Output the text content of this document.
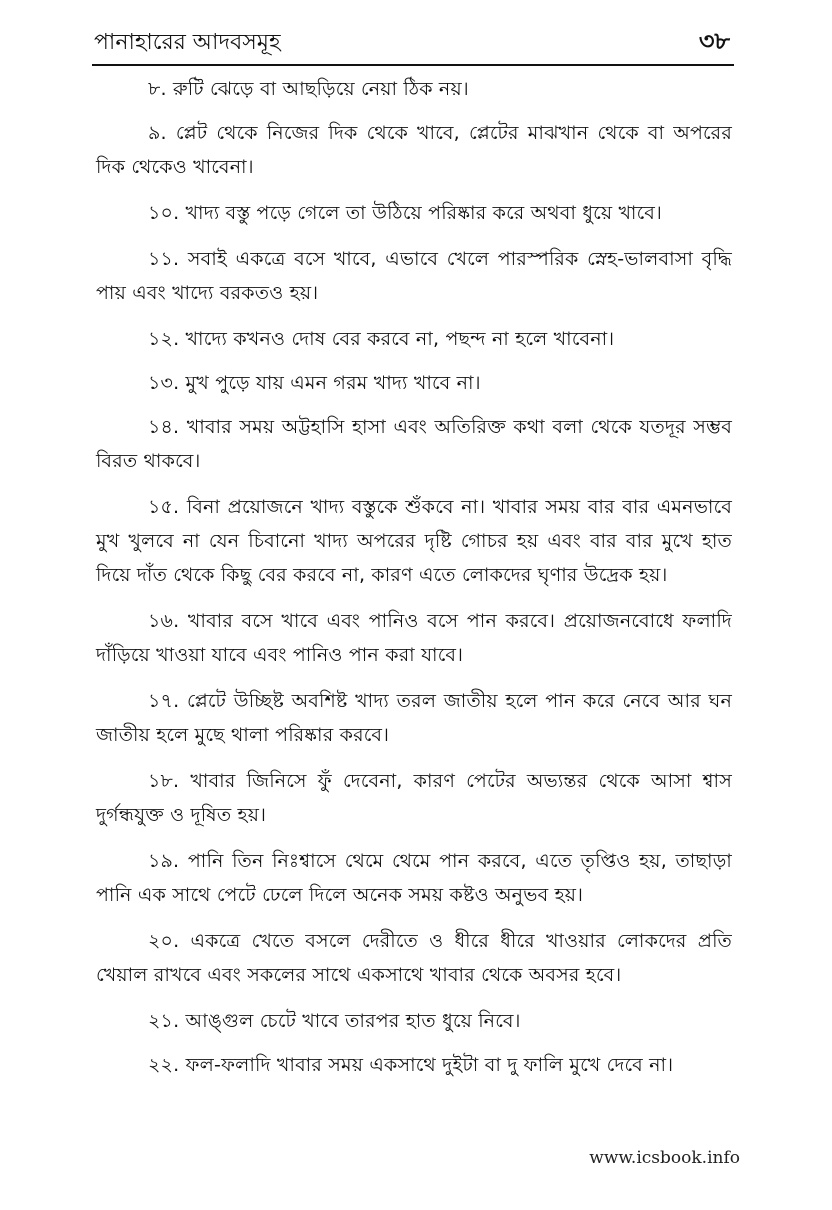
পানাহারের আদবসমূহ	৩৮

৮. রুটি ঝেড়ে বা আছড়িয়ে নেয়া ঠিক নয়।

৯. প্লেট থেকে নিজের দিক থেকে খাবে, প্লেটের মাঝখান থেকে বা অপরের দিক থেকেও খাবেনা।

১০. খাদ্য বস্তু পড়ে গেলে তা উঠিয়ে পরিষ্কার করে অথবা ধুয়ে খাবে।

১১. সবাই একত্রে বসে খাবে, এভাবে খেলে পারস্পরিক স্নেহ-ভালবাসা বৃদ্ধি পায় এবং খাদ্যে বরকতও হয়।

১২. খাদ্যে কখনও দোষ বের করবে না, পছন্দ না হলে খাবেনা।

১৩. মুখ পুড়ে যায় এমন গরম খাদ্য খাবে না।

১৪. খাবার সময় অট্টহাসি হাসা এবং অতিরিক্ত কথা বলা থেকে যতদূর সম্ভব বিরত থাকবে।

১৫. বিনা প্রয়োজনে খাদ্য বস্তুকে শুঁকবে না। খাবার সময় বার বার এমনভাবে মুখ খুলবে না যেন চিবানো খাদ্য অপরের দৃষ্টি গোচর হয় এবং বার বার মুখে হাত দিয়ে দাঁত থেকে কিছু বের করবে না, কারণ এতে লোকদের ঘৃণার উদ্রেক হয়।

১৬. খাবার বসে খাবে এবং পানিও বসে পান করবে। প্রয়োজনবোধে ফলাদি দাঁড়িয়ে খাওয়া যাবে এবং পানিও পান করা যাবে।

১৭. প্লেটে উচ্ছিষ্ট অবশিষ্ট খাদ্য তরল জাতীয় হলে পান করে নেবে আর ঘন জাতীয় হলে মুছে থালা পরিষ্কার করবে।

১৮. খাবার জিনিসে ফুঁ দেবেনা, কারণ পেটের অভ্যন্তর থেকে আসা শ্বাস দুর্গন্ধযুক্ত ও দূষিত হয়।

১৯. পানি তিন নিঃশ্বাসে থেমে থেমে পান করবে, এতে তৃপ্তিও হয়, তাছাড়া পানি এক সাথে পেটে ঢেলে দিলে অনেক সময় কষ্টও অনুভব হয়।

২০. একত্রে খেতে বসলে দেরীতে ও ধীরে ধীরে খাওয়ার লোকদের প্রতি খেয়াল রাখবে এবং সকলের সাথে একসাথে খাবার থেকে অবসর হবে।

২১. আঙ্গুল চেটে খাবে তারপর হাত ধুয়ে নিবে।

২২. ফল-ফলাদি খাবার সময় একসাথে দুইটা বা দু ফালি মুখে দেবে না।

www.icsbook.info
